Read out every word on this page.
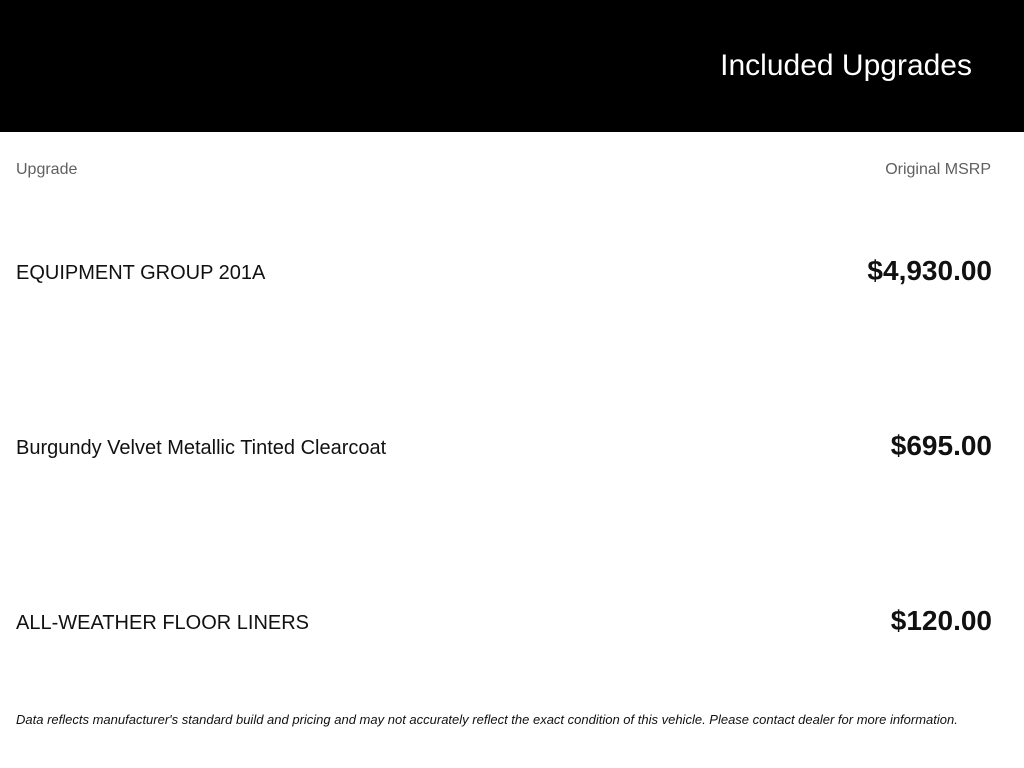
Included Upgrades
Upgrade	Original MSRP
EQUIPMENT GROUP 201A	$4,930.00
Burgundy Velvet Metallic Tinted Clearcoat	$695.00
ALL-WEATHER FLOOR LINERS	$120.00
Data reflects manufacturer's standard build and pricing and may not accurately reflect the exact condition of this vehicle. Please contact dealer for more information.
